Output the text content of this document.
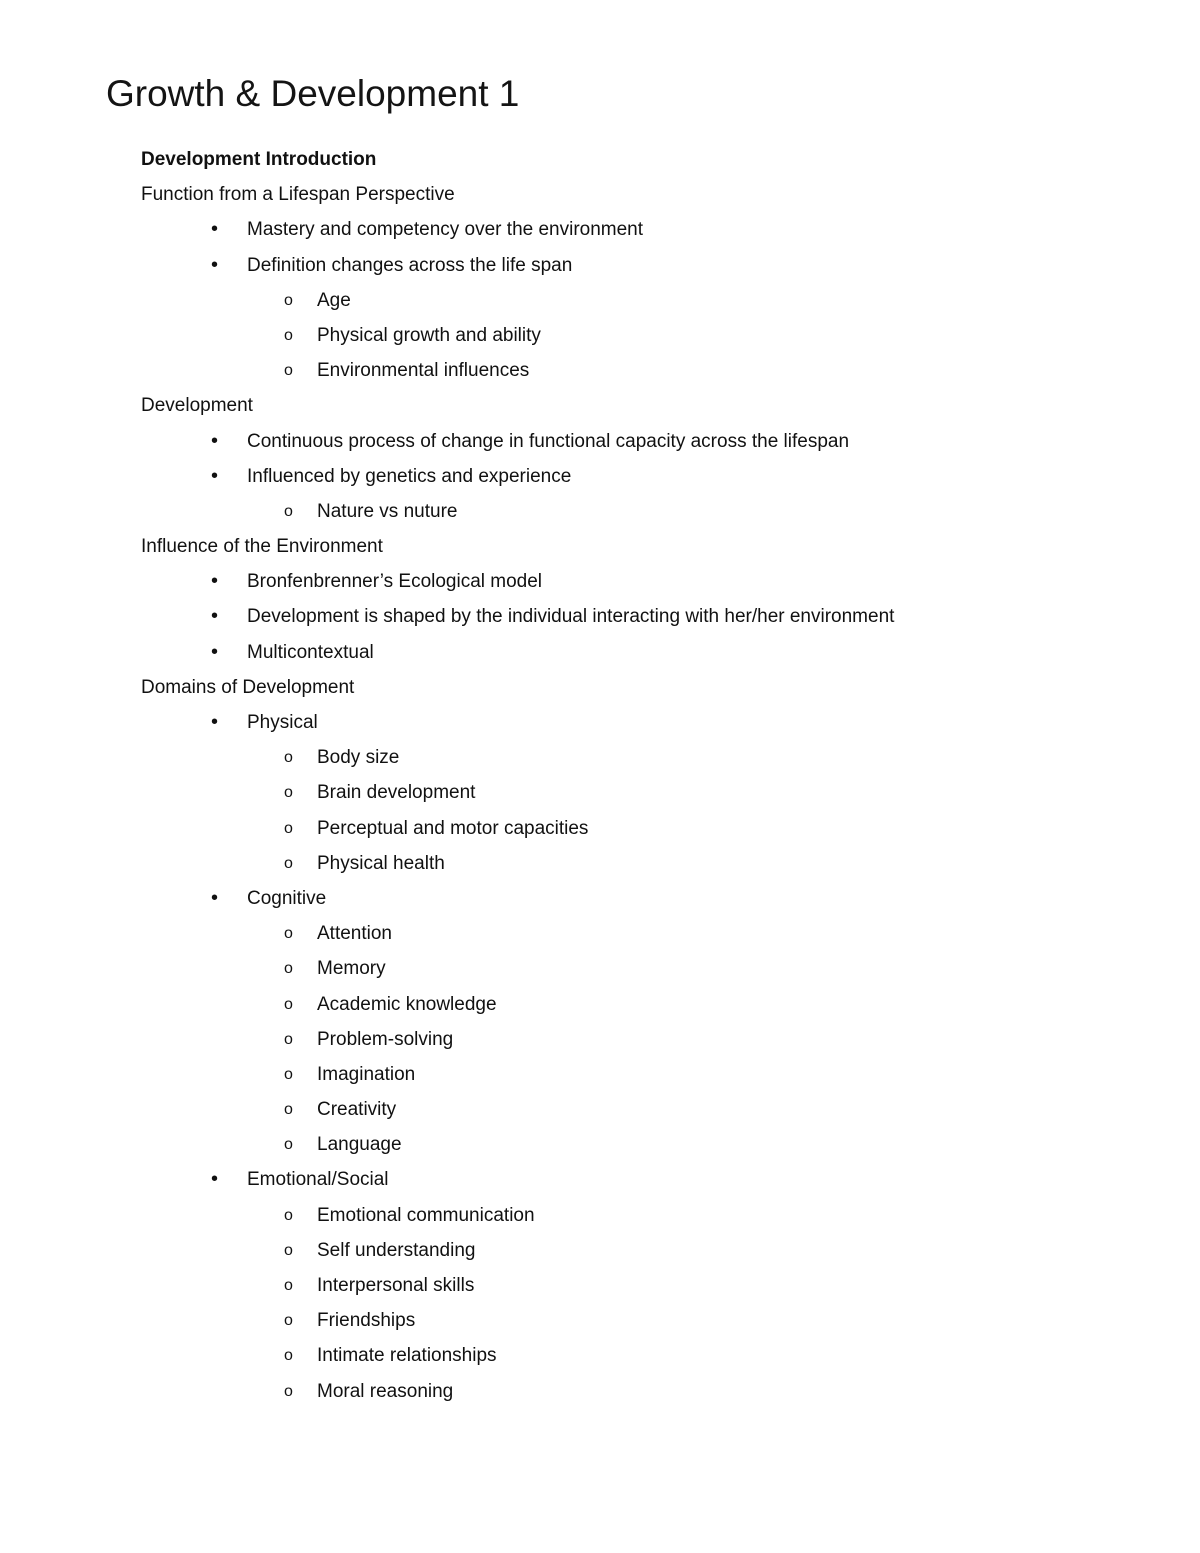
Growth & Development 1
Development Introduction
Function from a Lifespan Perspective
• Mastery and competency over the environment
• Definition changes across the life span
o Age
o Physical growth and ability
o Environmental influences
Development
• Continuous process of change in functional capacity across the lifespan
• Influenced by genetics and experience
o Nature vs nuture
Influence of the Environment
• Bronfenbrenner’s Ecological model
• Development is shaped by the individual interacting with her/her environment
• Multicontextual
Domains of Development
• Physical
o Body size
o Brain development
o Perceptual and motor capacities
o Physical health
• Cognitive
o Attention
o Memory
o Academic knowledge
o Problem-solving
o Imagination
o Creativity
o Language
• Emotional/Social
o Emotional communication
o Self understanding
o Interpersonal skills
o Friendships
o Intimate relationships
o Moral reasoning
